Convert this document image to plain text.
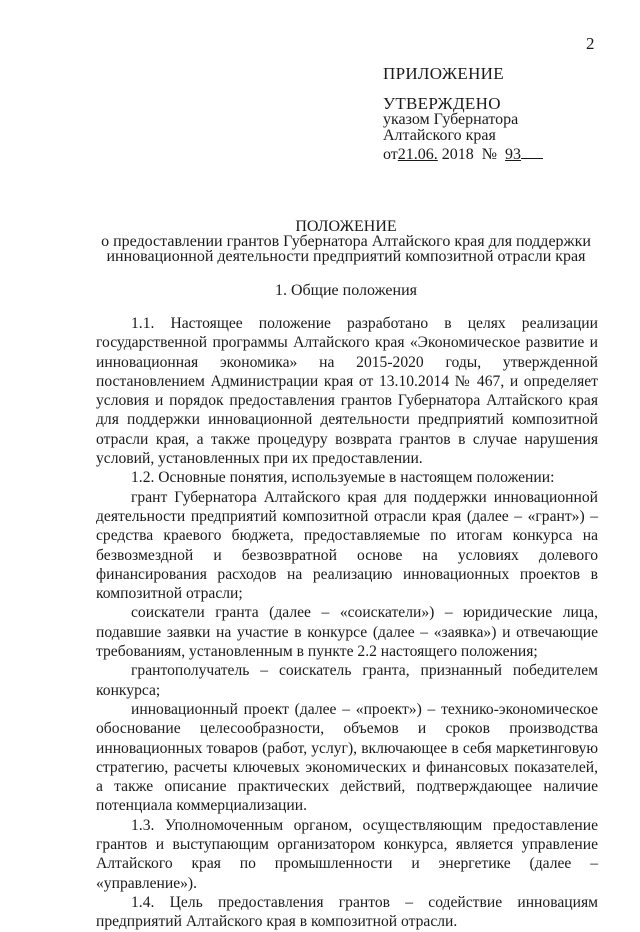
2
ПРИЛОЖЕНИЕ
УТВЕРЖДЕНО
указом Губернатора
Алтайского края
от21.06. 2018  №  93
ПОЛОЖЕНИЕ
о предоставлении грантов Губернатора Алтайского края для поддержки
инновационной деятельности предприятий композитной отрасли края
1. Общие положения

1.1. Настоящее положение разработано в целях реализации государственной программы Алтайского края «Экономическое развитие и инновационная экономика» на 2015-2020 годы, утвержденной постановлением Администрации края от 13.10.2014 № 467, и определяет условия и порядок предоставления грантов Губернатора Алтайского края для поддержки инновационной деятельности предприятий композитной отрасли края, а также процедуру возврата грантов в случае нарушения условий, установленных при их предоставлении.

1.2. Основные понятия, используемые в настоящем положении:

грант Губернатора Алтайского края для поддержки инновационной деятельности предприятий композитной отрасли края (далее – «грант») – средства краевого бюджета, предоставляемые по итогам конкурса на безвозмездной и безвозвратной основе на условиях долевого финансирования расходов на реализацию инновационных проектов в композитной отрасли;

соискатели гранта (далее – «соискатели») – юридические лица, подавшие заявки на участие в конкурсе (далее – «заявка») и отвечающие требованиям, установленным в пункте 2.2 настоящего положения;

грантополучатель – соискатель гранта, признанный победителем конкурса;

инновационный проект (далее – «проект») – технико-экономическое обоснование целесообразности, объемов и сроков производства инновационных товаров (работ, услуг), включающее в себя маркетинговую стратегию, расчеты ключевых экономических и финансовых показателей, а также описание практических действий, подтверждающее наличие потенциала коммерциализации.

1.3. Уполномоченным органом, осуществляющим предоставление грантов и выступающим организатором конкурса, является управление Алтайского края по промышленности и энергетике (далее – «управление»).

1.4. Цель предоставления грантов – содействие инновациям предприятий Алтайского края в композитной отрасли.
